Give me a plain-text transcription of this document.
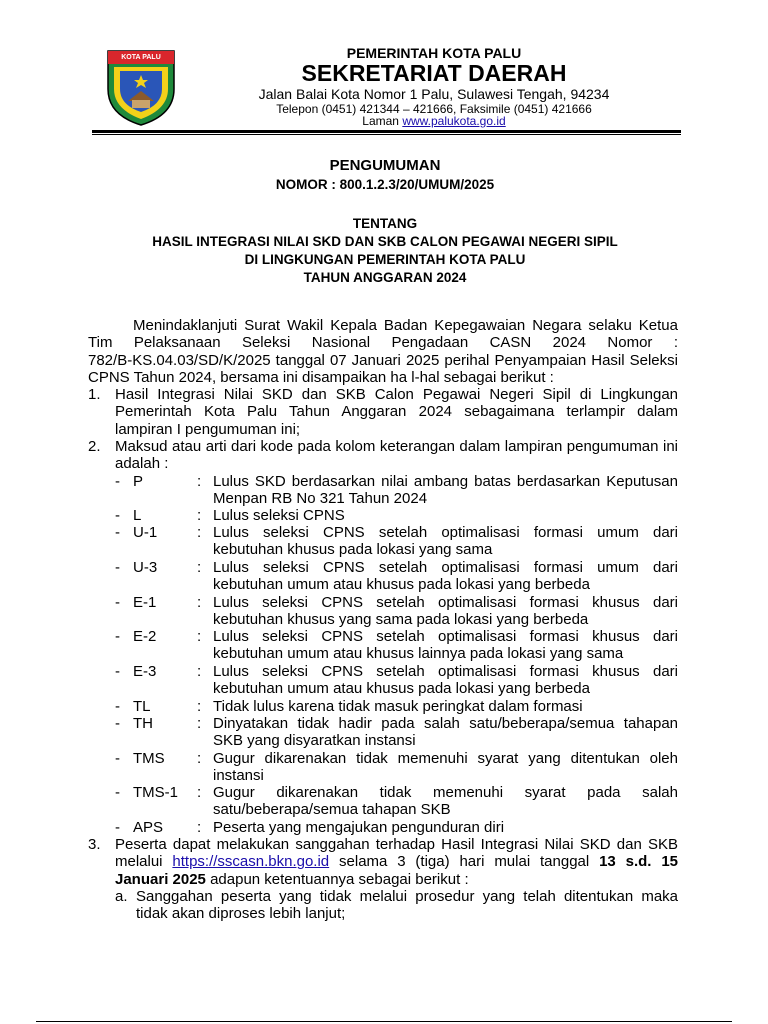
KOTA PALU	PEMERINTAH KOTA PALU
SEKRETARIAT DAERAH
Jalan Balai Kota Nomor 1 Palu, Sulawesi Tengah, 94234
Telepon (0451) 421344 – 421666, Faksimile (0451) 421666
Laman www.palukota.go.id
PENGUMUMAN
NOMOR : 800.1.2.3/20/UMUM/2025
TENTANG
HASIL INTEGRASI NILAI SKD DAN SKB CALON PEGAWAI NEGERI SIPIL
DI LINGKUNGAN PEMERINTAH KOTA PALU
TAHUN ANGGARAN 2024
Menindaklanjuti Surat Wakil Kepala Badan Kepegawaian Negara selaku Ketua
Tim Pelaksanaan Seleksi Nasional Pengadaan CASN 2024 Nomor :
782/B-KS.04.03/SD/K/2025 tanggal 07 Januari 2025 perihal Penyampaian Hasil Seleksi
CPNS Tahun 2024, bersama ini disampaikan ha l-hal sebagai berikut :
1. Hasil Integrasi Nilai SKD dan SKB Calon Pegawai Negeri Sipil di Lingkungan
Pemerintah Kota Palu Tahun Anggaran 2024 sebagaimana terlampir dalam
lampiran I pengumuman ini;
2. Maksud atau arti dari kode pada kolom keterangan dalam lampiran pengumuman ini
adalah :
- P	: Lulus SKD berdasarkan nilai ambang batas berdasarkan Keputusan
Menpan RB No 321 Tahun 2024
- L	: Lulus seleksi CPNS
- U-1	: Lulus seleksi CPNS setelah optimalisasi formasi umum dari
kebutuhan khusus pada lokasi yang sama
- U-3	: Lulus seleksi CPNS setelah optimalisasi formasi umum dari
kebutuhan umum atau khusus pada lokasi yang berbeda
- E-1	: Lulus seleksi CPNS setelah optimalisasi formasi khusus dari
kebutuhan khusus yang sama pada lokasi yang berbeda
- E-2	: Lulus seleksi CPNS setelah optimalisasi formasi khusus dari
kebutuhan umum atau khusus lainnya pada lokasi yang sama
- E-3	: Lulus seleksi CPNS setelah optimalisasi formasi khusus dari
kebutuhan umum atau khusus pada lokasi yang berbeda
- TL	: Tidak lulus karena tidak masuk peringkat dalam formasi
- TH	: Dinyatakan tidak hadir pada salah satu/beberapa/semua tahapan
SKB yang disyaratkan instansi
- TMS : Gugur dikarenakan tidak memenuhi syarat yang ditentukan oleh
instansi
- TMS-1 : Gugur dikarenakan tidak memenuhi syarat pada salah
satu/beberapa/semua tahapan SKB
- APS : Peserta yang mengajukan pengunduran diri
3. Peserta dapat melakukan sanggahan terhadap Hasil Integrasi Nilai SKD dan SKB
melalui https://sscasn.bkn.go.id selama 3 (tiga) hari mulai tanggal 13 s.d. 15
Januari 2025 adapun ketentuannya sebagai berikut :
a. Sanggahan peserta yang tidak melalui prosedur yang telah ditentukan maka
tidak akan diproses lebih lanjut;
